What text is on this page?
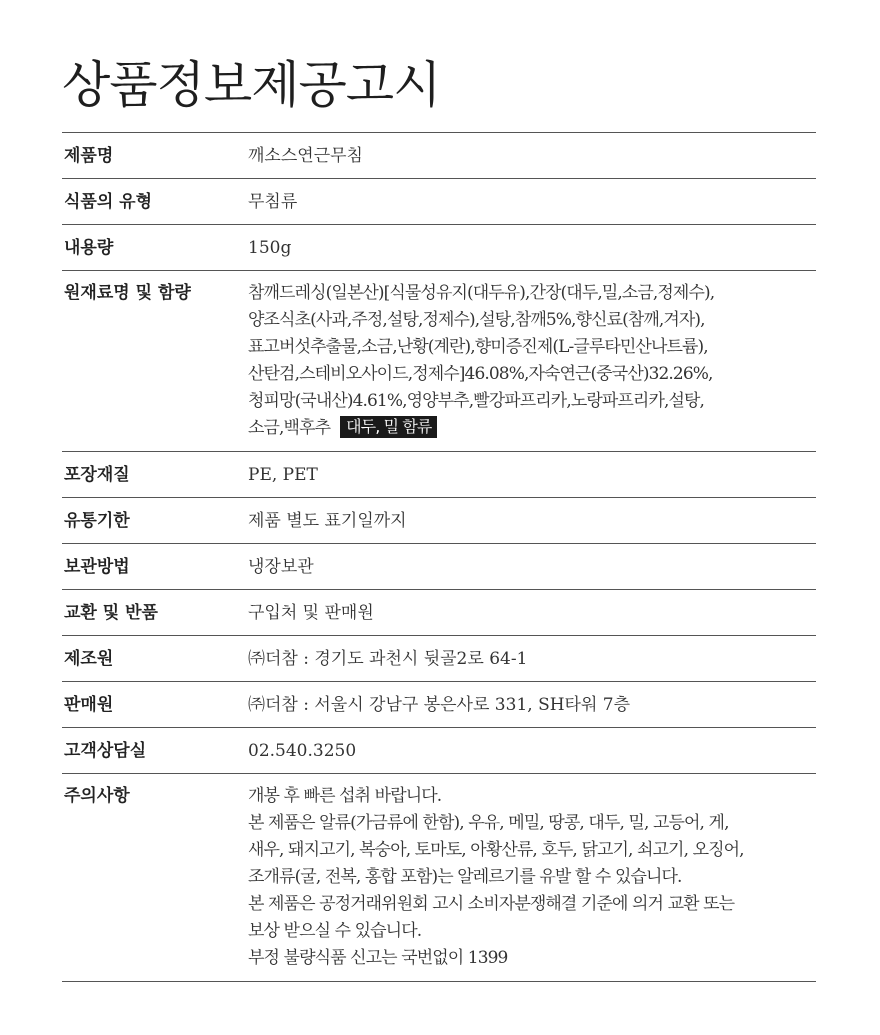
상품정보제공고시
제품명	깨소스연근무침
식품의 유형	무침류
내용량	150g
원재료명 및 함량	참깨드레싱(일본산)[식물성유지(대두유),간장(대두,밀,소금,정제수),
양조식초(사과,주정,설탕,정제수),설탕,참깨5%,향신료(참깨,겨자),
표고버섯추출물,소금,난황(계란),향미증진제(L-글루타민산나트륨),
산탄검,스테비오사이드,정제수]46.08%,자숙연근(중국산)32.26%,
청피망(국내산)4.61%,영양부추,빨강파프리카,노랑파프리카,설탕,
소금,백후추 대두, 밀 함류
포장재질	PE, PET
유통기한	제품 별도 표기일까지
보관방법	냉장보관
교환 및 반품	구입처 및 판매원
제조원	㈜더참 : 경기도 과천시 뒷골2로 64-1
판매원	㈜더참 : 서울시 강남구 봉은사로 331, SH타워 7층
고객상담실	02.540.3250
주의사항	개봉 후 빠른 섭취 바랍니다.
본 제품은 알류(가금류에 한함), 우유, 메밀, 땅콩, 대두, 밀, 고등어, 게,
새우, 돼지고기, 복숭아, 토마토, 아황산류, 호두, 닭고기, 쇠고기, 오징어,
조개류(굴, 전복, 홍합 포함)는 알레르기를 유발 할 수 있습니다.
본 제품은 공정거래위원회 고시 소비자분쟁해결 기준에 의거 교환 또는
보상 받으실 수 있습니다.
부정 불량식품 신고는 국번없이 1399
